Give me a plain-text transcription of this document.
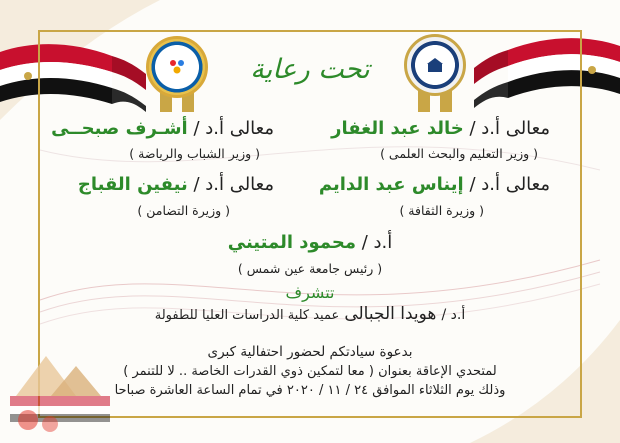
تحت رعاية
معالى أ.د / خالد عبد الغفار
( وزير التعليم والبحث العلمى )
معالى أ.د / أشـرف صبحــى
( وزير الشباب والرياضة )
معالى أ.د / إيناس عبد الدايم
( وزيرة الثقافة )
معالى أ.د / نيفين القباج
( وزيرة التضامن )
أ.د / محمود المتيني
( رئيس جامعة عين شمس )
تتشرف
أ.د / هويدا الجبالى عميد كلية الدراسات العليا للطفولة
بدعوة سيادتكم لحضور احتفالية كبرى
لمتحدي الإعاقة بعنوان ( معا لتمكين ذوي القدرات الخاصة .. لا للتنمر )
وذلك يوم الثلاثاء الموافق ٢٤ / ١١ / ٢٠٢٠ في تمام الساعة العاشرة صباحا
